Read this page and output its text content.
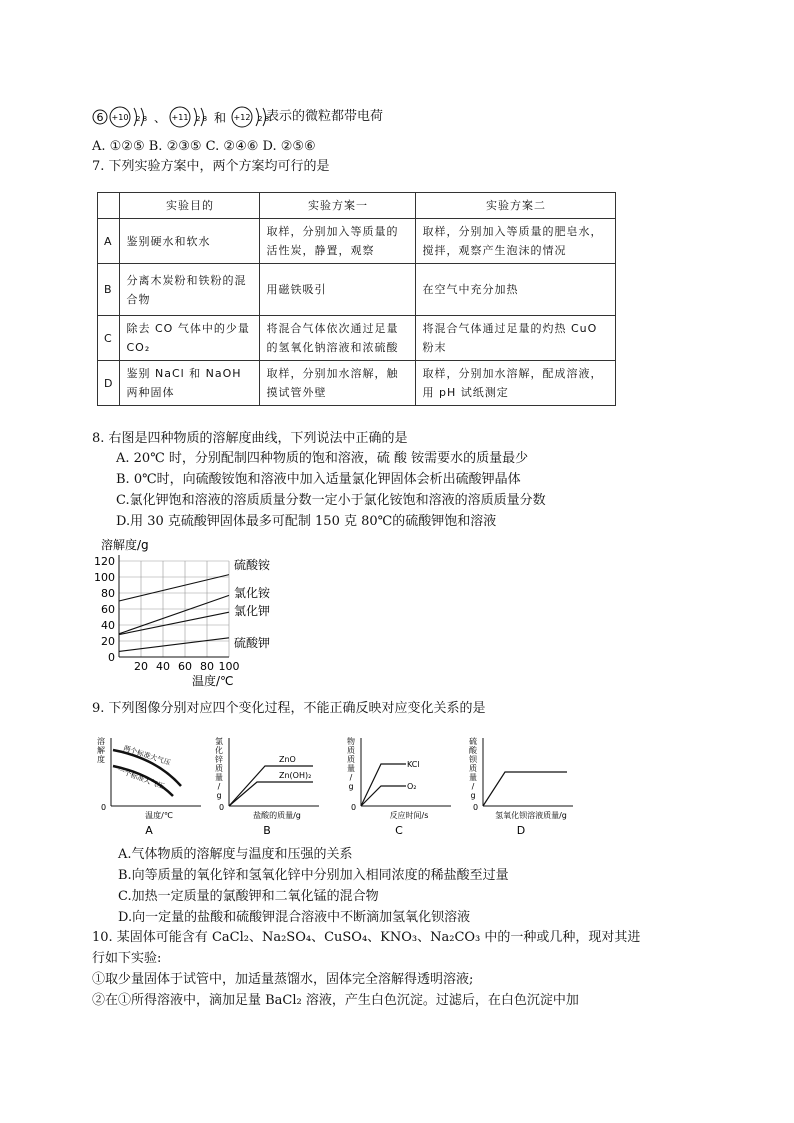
6 +10 2 8 、 +11 2 8 和 +12 2 8
表示的微粒都带电荷
A. ①②⑤ B. ②③⑤ C. ②④⑥ D. ②⑤⑥
7. 下列实验方案中，两个方案均可行的是
	实验目的	实验方案一	实验方案二
A	鉴别硬水和软水	取样，分别加入等质量的活性炭，静置，观察	取样，分别加入等质量的肥皂水，搅拌，观察产生泡沫的情况
B	分离木炭粉和铁粉的混合物	用磁铁吸引	在空气中充分加热
C	除去 CO 气体中的少量 CO₂	将混合气体依次通过足量的氢氧化钠溶液和浓硫酸	将混合气体通过足量的灼热 CuO 粉末
D	鉴别 NaCl 和 NaOH 两种固体	取样，分别加水溶解，触摸试管外壁	取样，分别加水溶解，配成溶液，用 pH 试纸测定
8. 右图是四种物质的溶解度曲线，下列说法中正确的是
A. 20℃ 时，分别配制四种物质的饱和溶液，硫 酸 铵需要水的质量最少
B. 0℃时，向硫酸铵饱和溶液中加入适量氯化钾固体会析出硫酸钾晶体
C.氯化钾饱和溶液的溶质质量分数一定小于氯化铵饱和溶液的溶质质量分数
D.用 30 克硫酸钾固体最多可配制 150 克 80℃的硫酸钾饱和溶液
0
20
40
60
80
100
120
20 40 60 80 100
硫酸铵
氯化铵
氯化钾
硫酸钾
溶解度/g
温度/℃
9. 下列图像分别对应四个变化过程，不能正确反映对应变化关系的是
0
溶
解
度
温度/℃
A
两个标准大气压
一个标准大气压
0
氯
化
锌
质
量
/
g
盐酸的质量/g
B
ZnO
Zn(OH)₂
0
物
质
质
量
/
g
反应时间/s
C
KCl
O₂
0
硫
酸
钡
质
量
/
g
氢氧化钡溶液质量/g
D
A.气体物质的溶解度与温度和压强的关系
B.向等质量的氧化锌和氢氧化锌中分别加入相同浓度的稀盐酸至过量
C.加热一定质量的氯酸钾和二氧化锰的混合物
D.向一定量的盐酸和硫酸钾混合溶液中不断滴加氢氧化钡溶液
10. 某固体可能含有 CaCl₂、Na₂SO₄、CuSO₄、KNO₃、Na₂CO₃ 中的一种或几种，现对其进
行如下实验:
①取少量固体于试管中，加适量蒸馏水，固体完全溶解得透明溶液;
②在①所得溶液中，滴加足量 BaCl₂ 溶液，产生白色沉淀。过滤后，在白色沉淀中加
